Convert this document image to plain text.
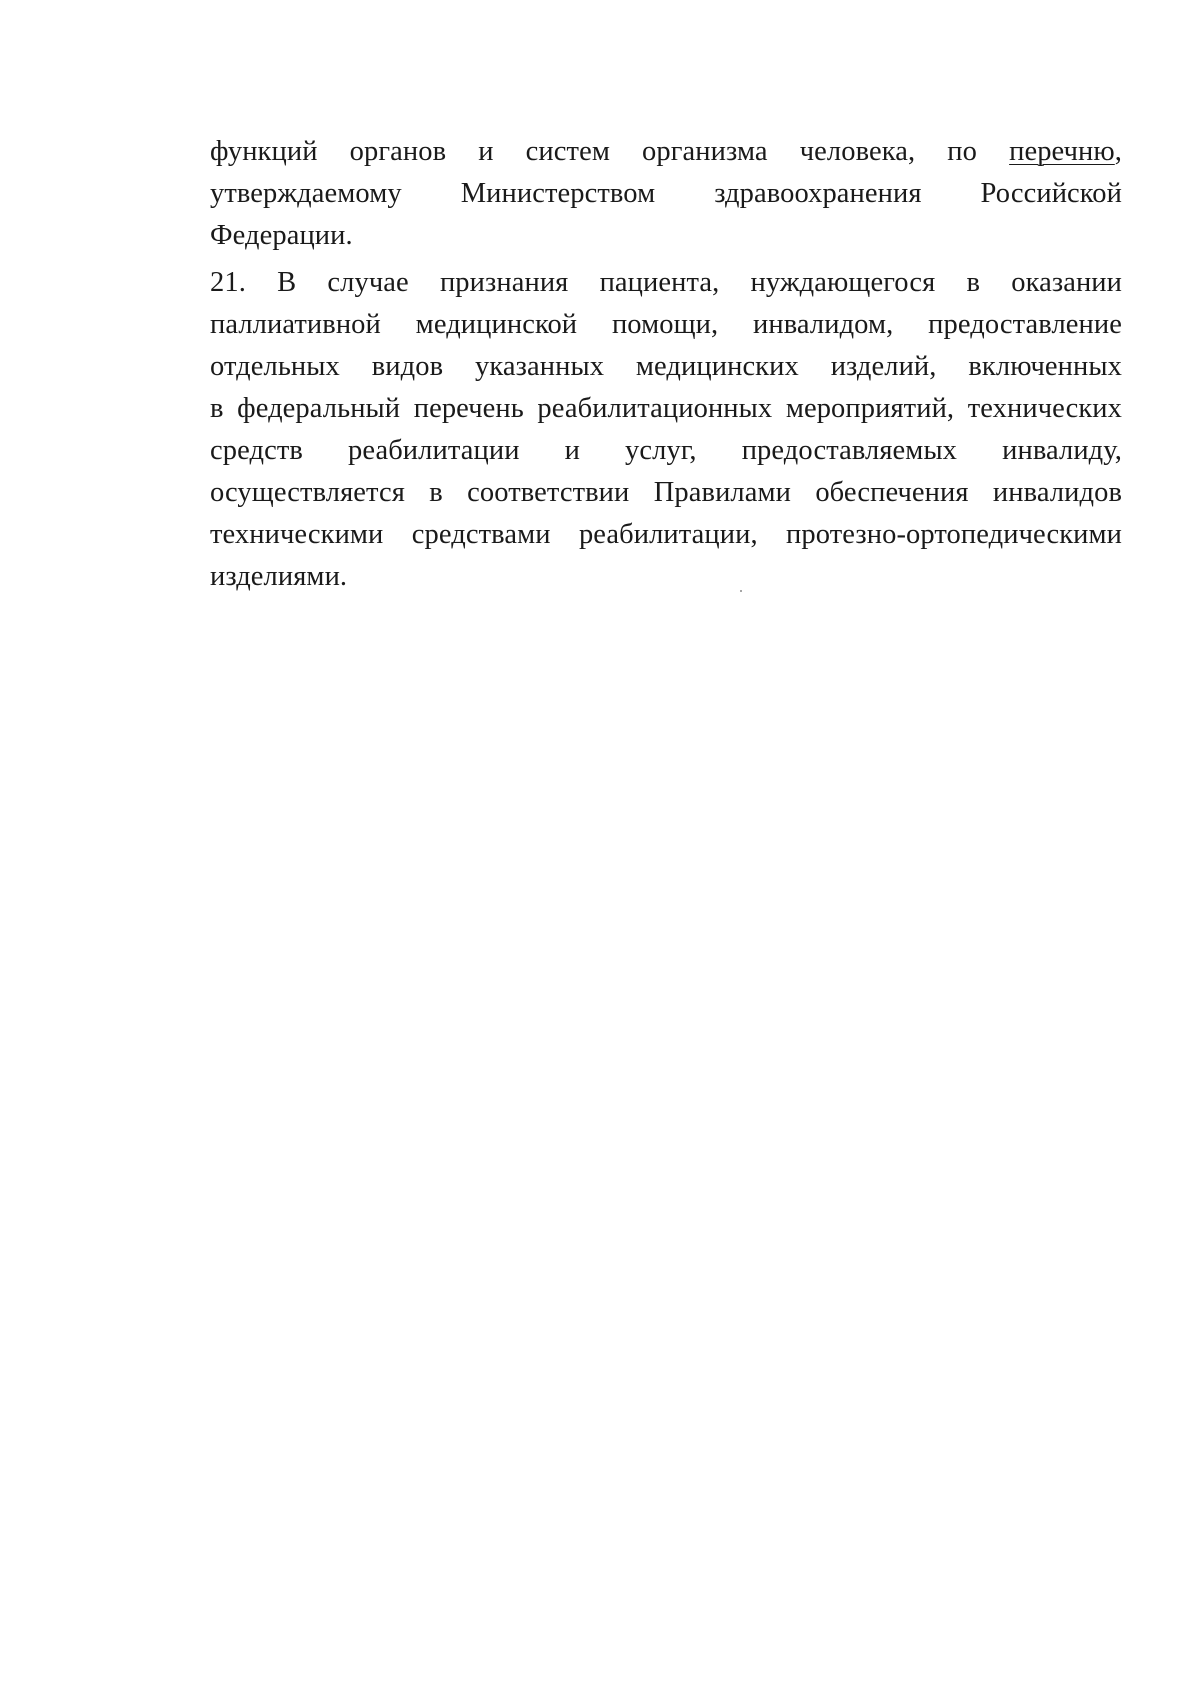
функций органов и систем организма человека, по перечню,
утверждаемому Министерством здравоохранения Российской
Федерации.
21. В случае признания пациента, нуждающегося в оказании
паллиативной медицинской помощи, инвалидом, предоставление
отдельных видов указанных медицинских изделий, включенных
в федеральный перечень реабилитационных мероприятий, технических
средств реабилитации и услуг, предоставляемых инвалиду,
осуществляется в соответствии Правилами обеспечения инвалидов
техническими средствами реабилитации, протезно-ортопедическими
изделиями.
